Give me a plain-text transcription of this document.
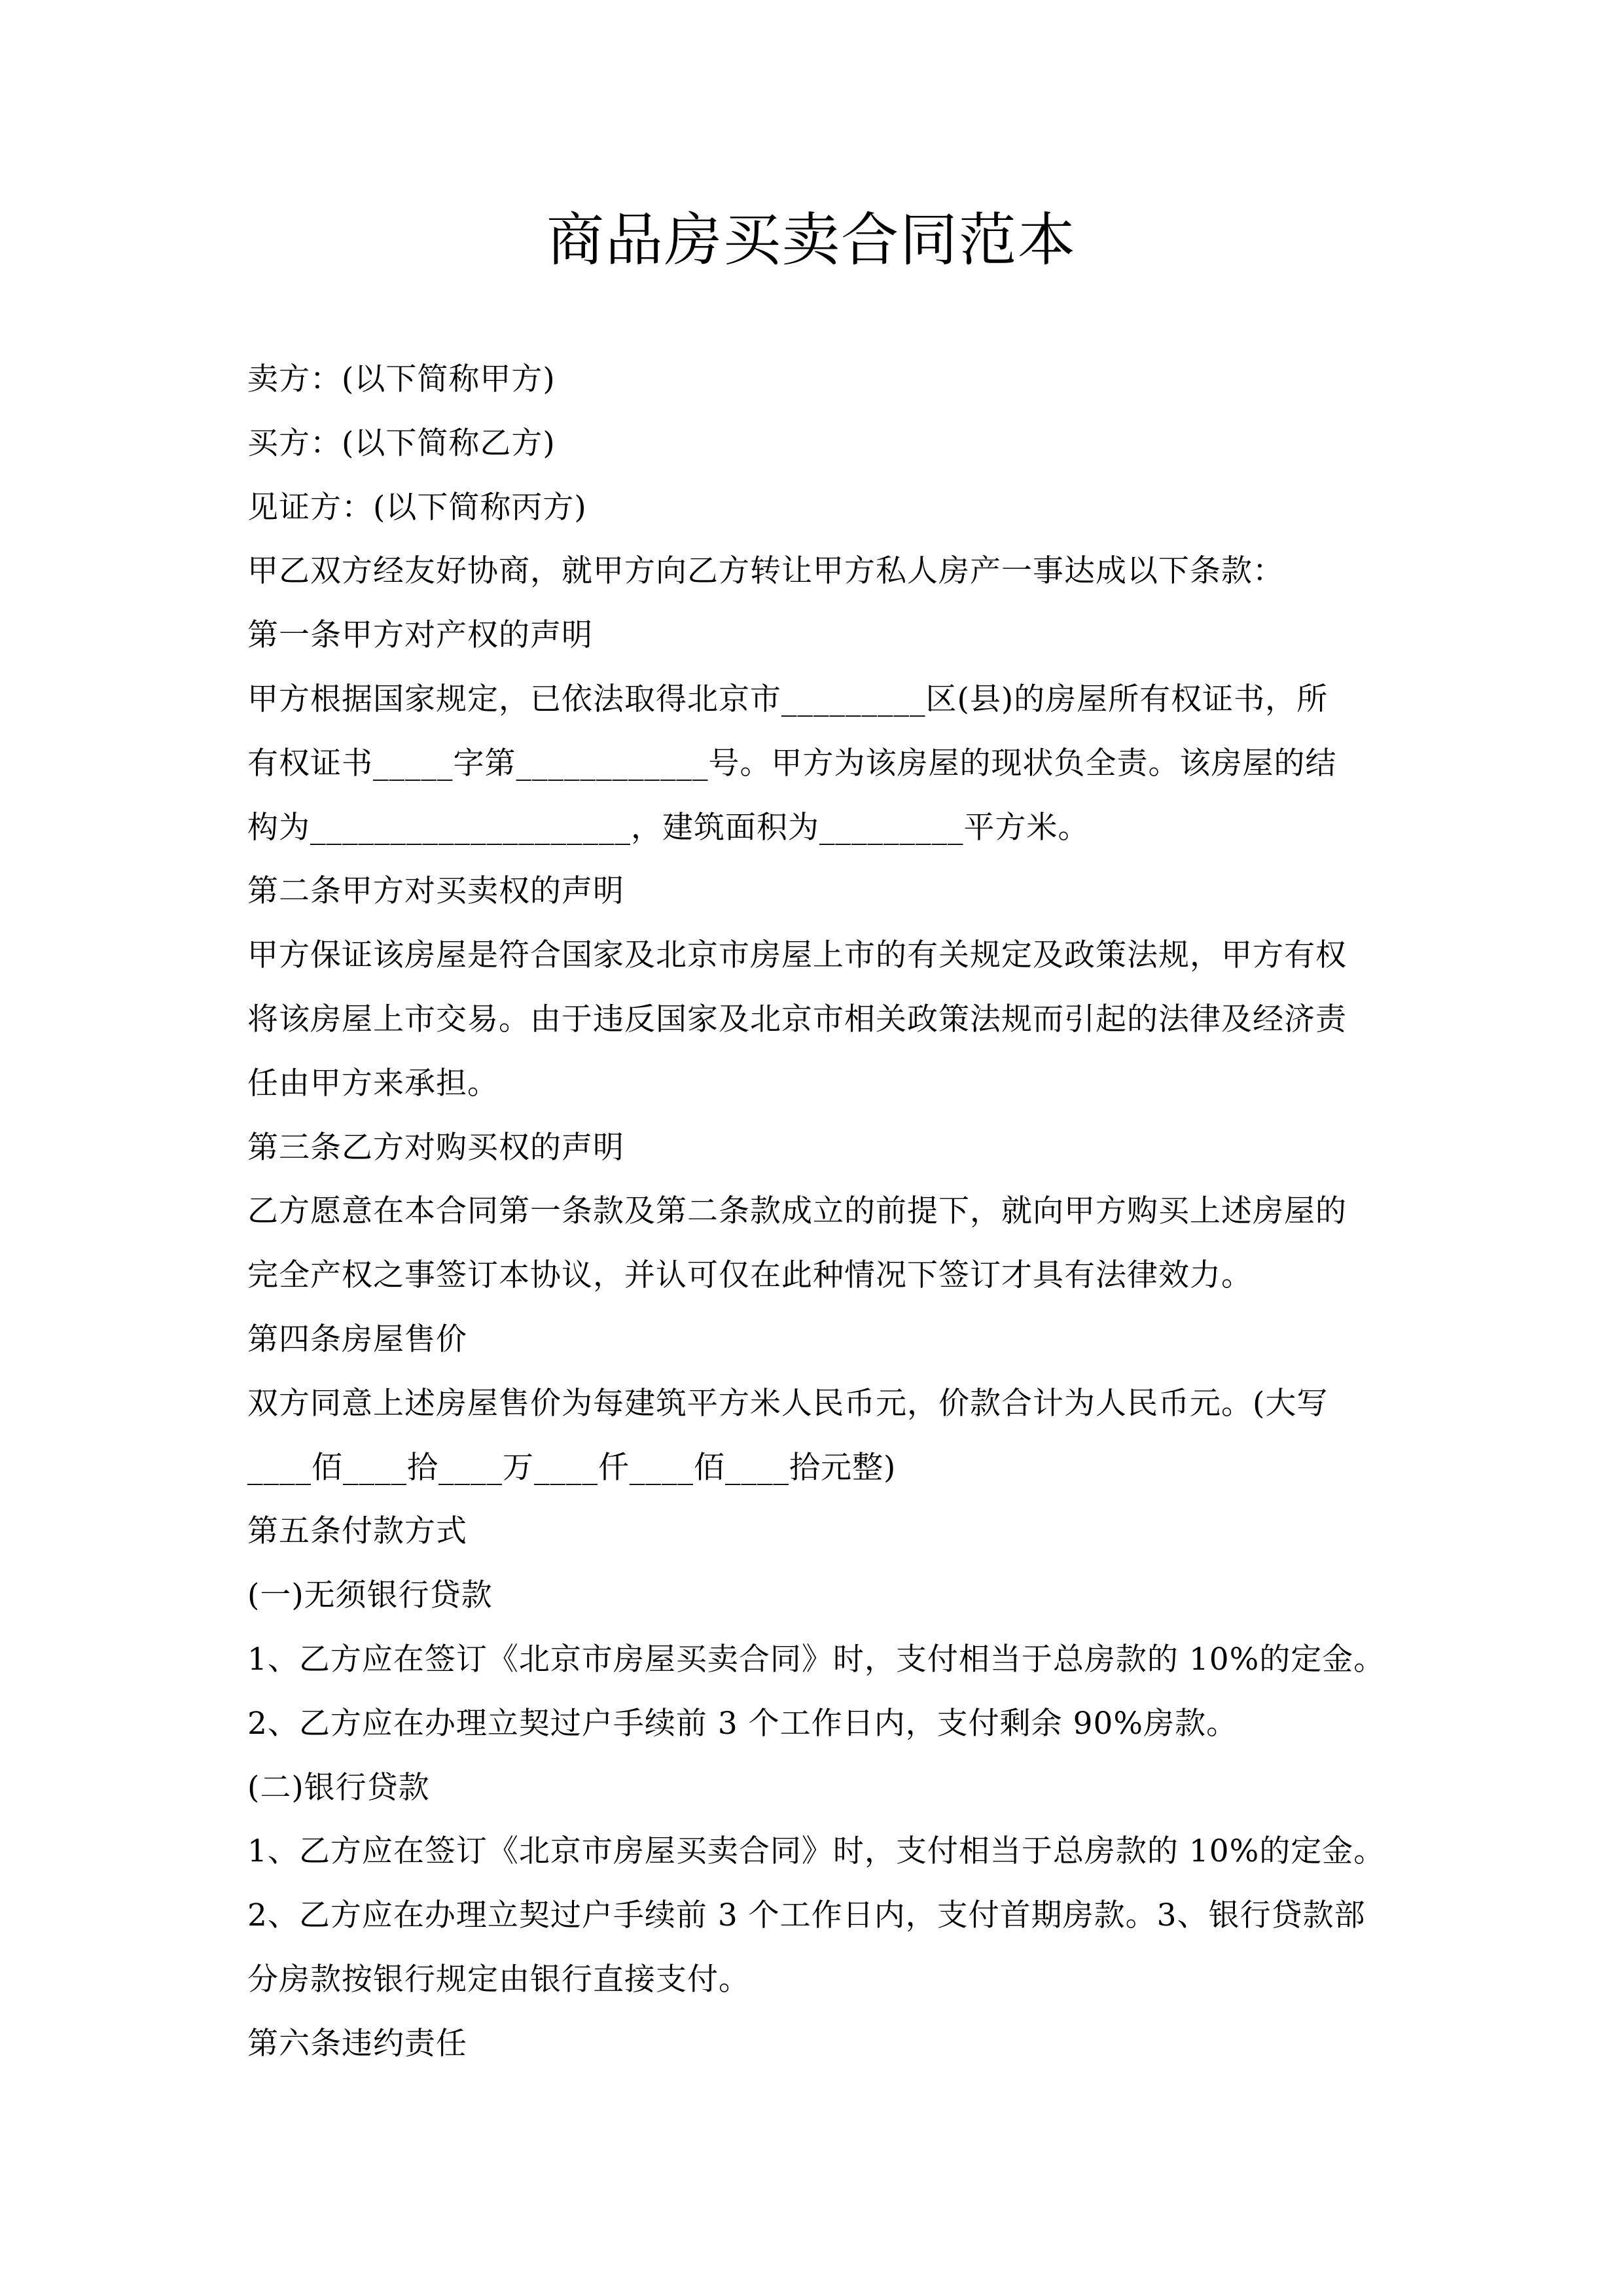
商品房买卖合同范本
卖方：(以下简称甲方)
买方：(以下简称乙方)
见证方：(以下简称丙方)
甲乙双方经友好协商，就甲方向乙方转让甲方私人房产一事达成以下条款：
第一条甲方对产权的声明
甲方根据国家规定，已依法取得北京市_________区(县)的房屋所有权证书，所
有权证书_____字第____________号。甲方为该房屋的现状负全责。该房屋的结
构为____________________，建筑面积为_________平方米。
第二条甲方对买卖权的声明
甲方保证该房屋是符合国家及北京市房屋上市的有关规定及政策法规，甲方有权
将该房屋上市交易。由于违反国家及北京市相关政策法规而引起的法律及经济责
任由甲方来承担。
第三条乙方对购买权的声明
乙方愿意在本合同第一条款及第二条款成立的前提下，就向甲方购买上述房屋的
完全产权之事签订本协议，并认可仅在此种情况下签订才具有法律效力。
第四条房屋售价
双方同意上述房屋售价为每建筑平方米人民币元，价款合计为人民币元。(大写
____佰____拾____万____仟____佰____拾元整)
第五条付款方式
(一)无须银行贷款
1、乙方应在签订《北京市房屋买卖合同》时，支付相当于总房款的 10%的定金。
2、乙方应在办理立契过户手续前 3 个工作日内，支付剩余 90%房款。
(二)银行贷款
1、乙方应在签订《北京市房屋买卖合同》时，支付相当于总房款的 10%的定金。
2、乙方应在办理立契过户手续前 3 个工作日内，支付首期房款。3、银行贷款部
分房款按银行规定由银行直接支付。
第六条违约责任
